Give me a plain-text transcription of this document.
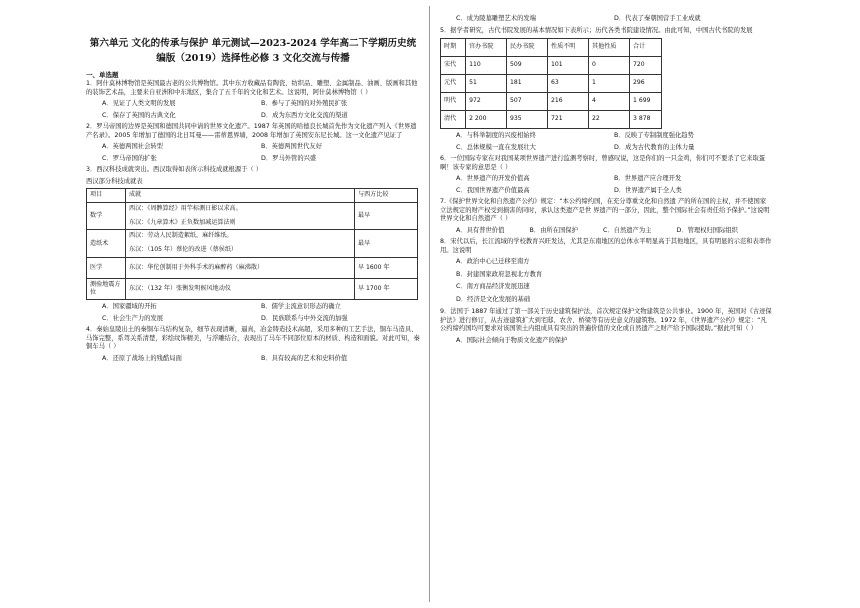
第六单元 文化的传承与保护 单元测试—2023-2024 学年高二下学期历史统编版（2019）选择性必修 3 文化交流与传播
一、单选题
1．阿什莫林博物馆是英国最古老的公共博物馆。其中东方收藏品有陶瓷、纺织品、雕塑、金属制品、油画、版画和其他的装饰艺术品，主要来自亚洲和中东地区，集合了五千年的文化和艺术。这说明，阿什莫林博物馆（ ）
A．见证了人类文明的发展	B．参与了英国的对外殖民扩张
C．保存了英国的古典文化	D．成为东西方文化交流的渠道
2．罗马帝国的边界是英国和德国共同申请的世界文化遗产。1987 年英国的哈德良长城首先作为文化遗产列入《世界遗产名录》。2005 年增加了德国的北日耳曼——雷蒂恩界墙，2008 年增加了英国安东尼长城。这一文化遗产见证了
A．英德两国社会转型	B．英德两国世代友好
C．罗马帝国的扩张	D．罗马外管的兴盛
3．西汉科技成就突出。西汉取得如表所示科技成就根源于（ ）
西汉部分科技成就表
项目	成就	与西方比较
数学	西汉：《周髀算经》用竿标测日影以求高。
东汉：《九章算术》正负数加减运算法则	最早
造纸术	西汉：劳动人民制造絮纸，麻纤维纸。
东汉：（105 年）蔡伦的改进（蔡侯纸）	最早
医学	东汉：华佗创制用于外科手术的麻醉药（麻沸散）	早 1600 年
测验地震方位	东汉：（132 年）张衡发明候风地动仪	早 1700 年
A．国家疆域的开拓	B．儒学主流意识形态的确立
C．社会生产力的发展	D．民族联系与中外交流的加强
4．秦始皇陵出土的秦铜车马结构复杂，细节表现清晰，逼真，冶金铸造技术高超，采用多种的工艺手法，铜车马造具、马饰完整，系驾关系清楚，彩绘纹饰精美，与浮雕结合，表现出了马车不同部位原本的材质、构造和面貌。对此可知，秦铜车马（ ）
A．还原了战场上的残酷局面	B．具有较高的艺术和史料价值
C．成为陵墓雕塑艺术的发端	D．代表了秦朝国营手工业成就
5．据学者研究，古代书院发展的基本情况如下表所示；历代各类书院建设情况。由此可知，中国古代书院的发展
时期	官办书院	民办书院	性质不明	其他性质	合计
宋代	110	509	101	0	720
元代	51	181	63	1	296
明代	972	507	216	4	1 699
清代	2 200	935	721	22	3 878
A．与科举制度的兴废相始终	B．反映了专制制度强化趋势
C．总体规模一直在发展壮大	D．成为古代教育的主体力量
6．一位国际专家在对我国某项世界遗产进行监测考察时，曾感叹说，这是你们的一只金鸡，你们可不要杀了它来取蛋啊！该专家的意思是（ ）
A．世界遗产的开发价值高	B．世界遗产应合理开发
C．我国世界遗产价值最高	D．世界遗产属于全人类
7.《保护世界文化和自然遗产公约》规定：“本公约缔约国，在充分尊重文化和自然遗 产的所在国的主权，并不使国家立法规定的财产权受到损害的同时，承认这类遗产是世 界遗产的一部分，因此，整个国际社会有责任给予保护。”这说明世界文化和自然遗产（ ）
A．具有普世价值	B．由所在国保护	C．自然遗产为主	D．管理权归国际组织
8．宋代以后，长江流域的学校教育兴旺发达，尤其是东南地区的总体水平明显高于其他地区，具有明显的示范和表率作用。这说明
A．政治中心已迁移至南方
B．封建国家政府忽视北方教育
C．南方商品经济发展迅速
D．经济是文化发展的基础
9．法国于 1887 年通过了第一部关于历史建筑保护法，首次规定保护文物建筑是公共事业。1900 年，英国对《古迹保护法》进行修订，从古迹建筑扩大到宅邸、农舍、桥梁等有历史意义的建筑物。1972 年，《世界遗产公约》规定：“凡公约缔约国均可要求对该国领土内组成具有突出的普遍价值的文化或自然遗产之财产给予国际援助。”据此可知（ ）
A．国际社会倾向于物质文化遗产的保护
